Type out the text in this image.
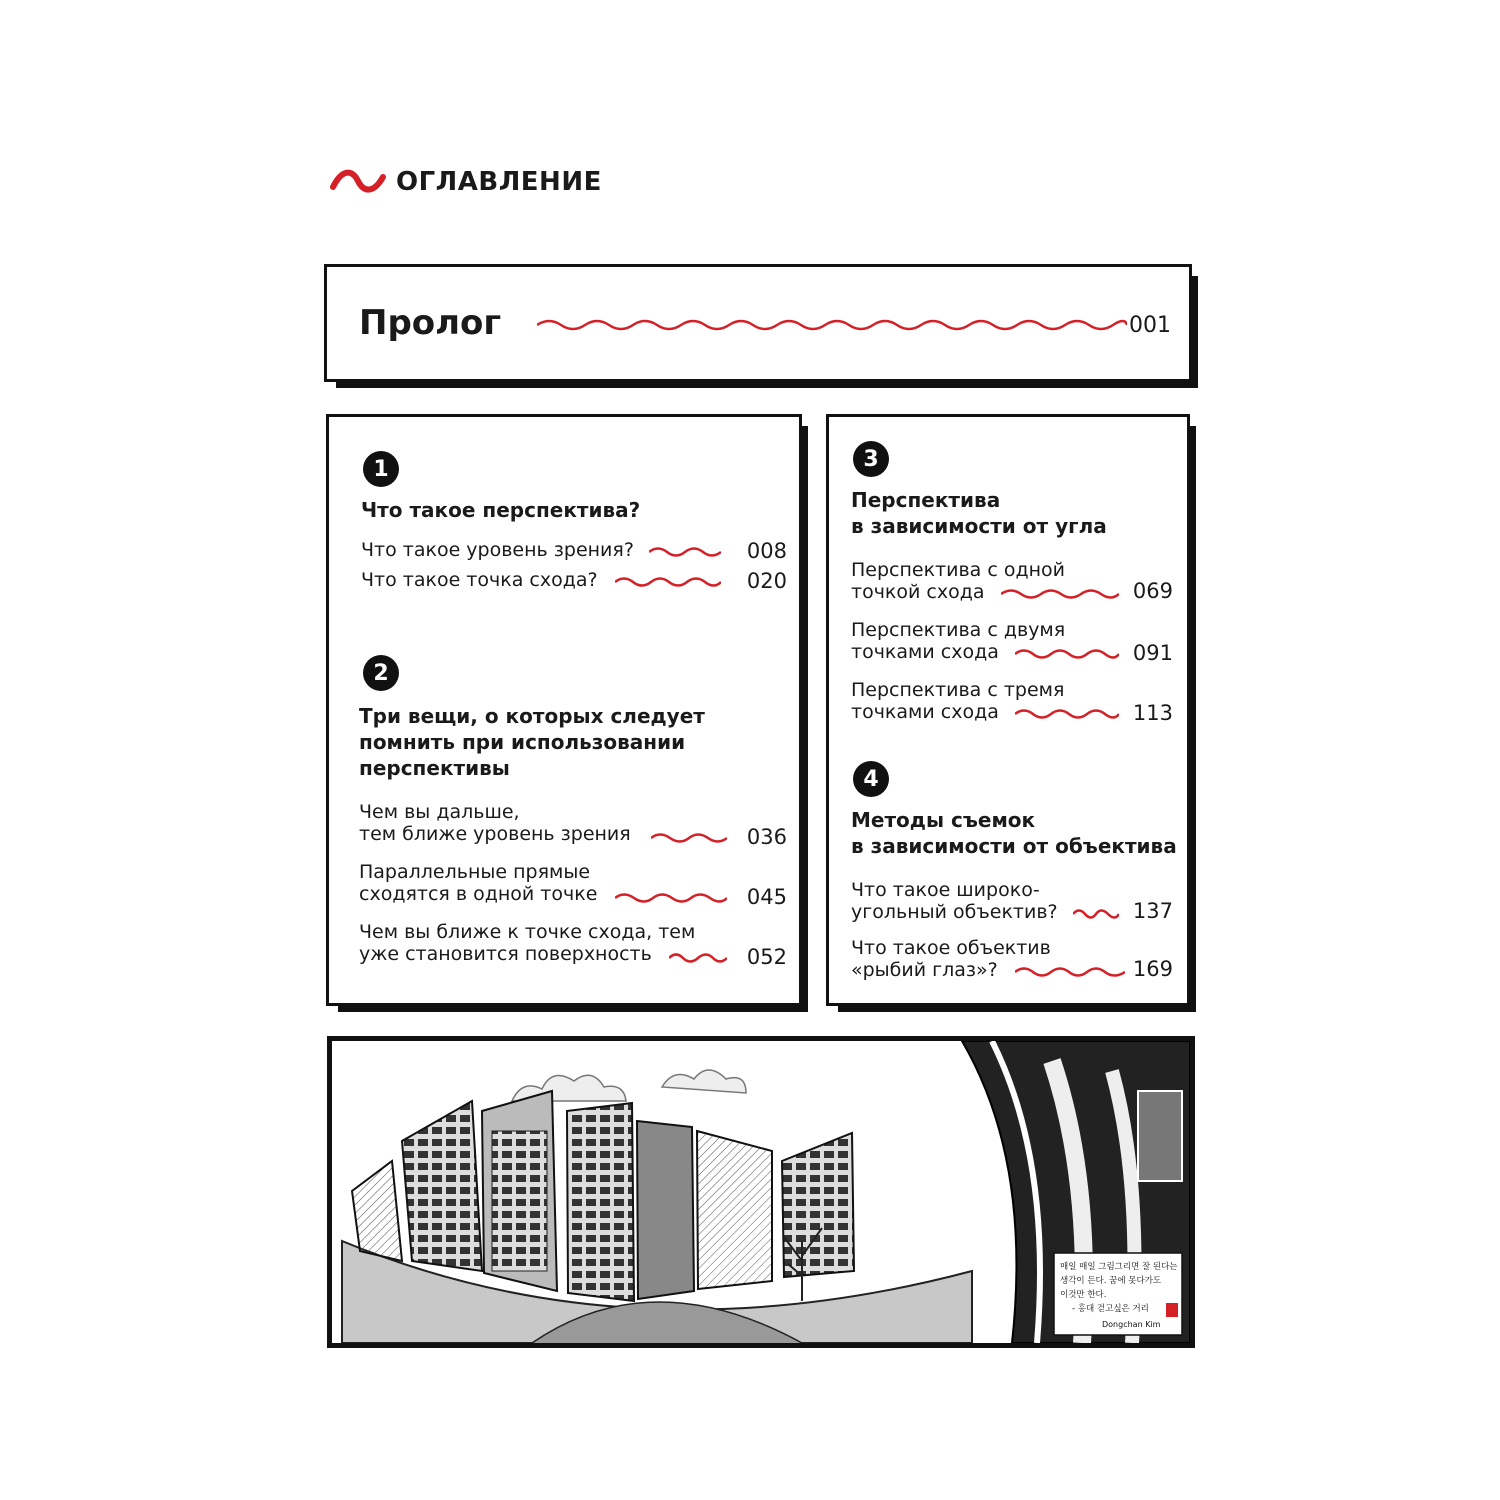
ОГЛАВЛЕНИЕ
Пролог	001
1
Что такое перспектива?
Что такое уровень зрения?	008
Что такое точка схода?	020
2
Три вещи, о которых следует
помнить при использовании
перспективы
Чем вы дальше,
тем ближе уровень зрения	036
Параллельные прямые
сходятся в одной точке	045
Чем вы ближе к точке схода, тем
уже становится поверхность	052
3
Перспектива
в зависимости от угла
Перспектива с одной
точкой схода	069
Перспектива с двумя
точками схода	091
Перспектива с тремя
точками схода	113
4
Методы съемок
в зависимости от объектива
Что такое широко-
угольный объектив?	137
Что такое объектив
«рыбий глаз»?	169
매일 매일 그림그리면 잘 된다는
생각이 든다. 꿈에 못다가도
이것만 한다.
- 홍대 걷고싶은 거리
Dongchan Kim
